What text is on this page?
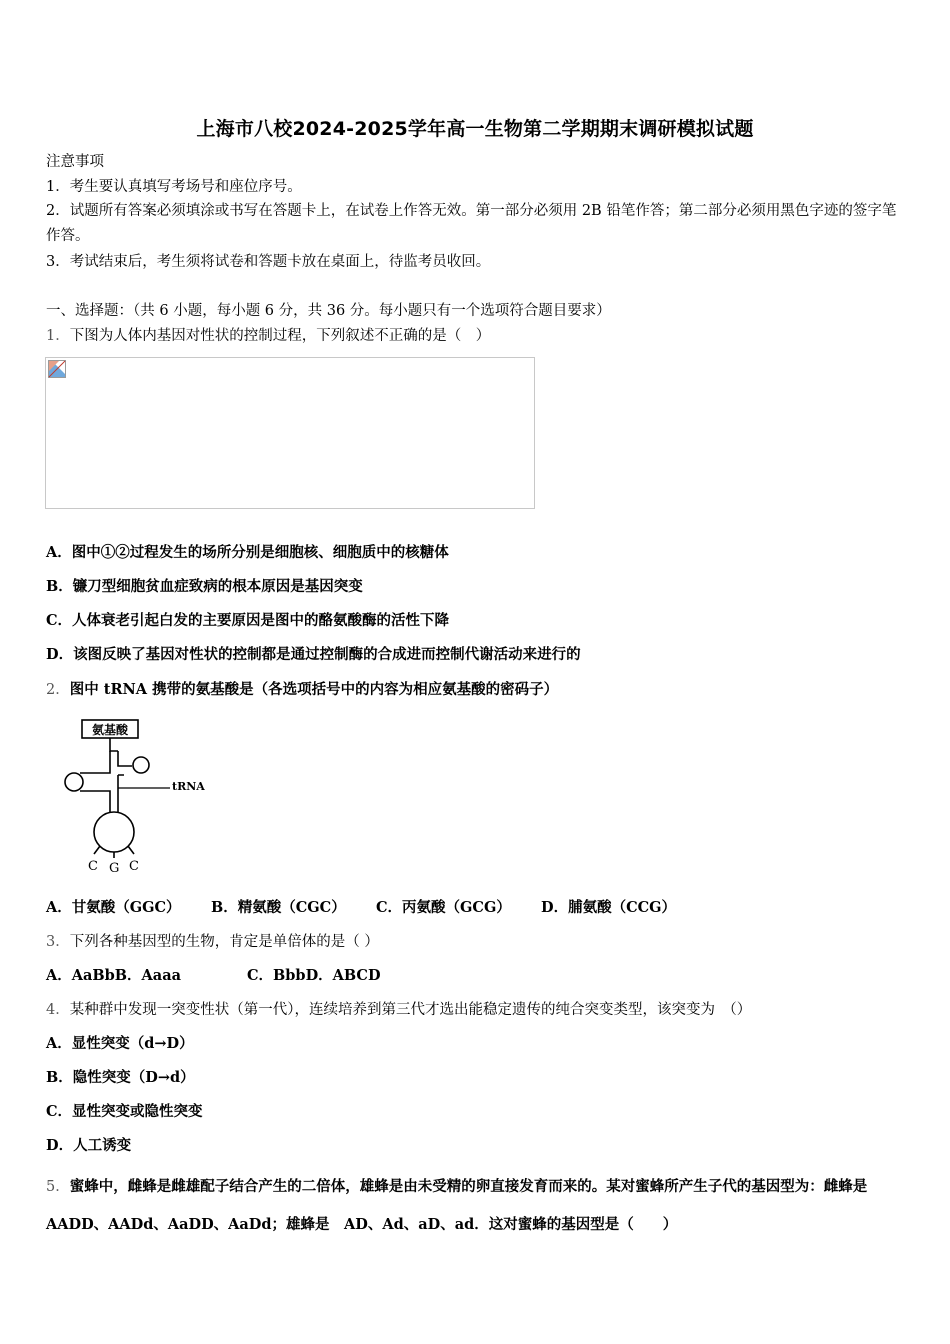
上海市八校2024-2025学年高一生物第二学期期末调研模拟试题
注意事项
1．考生要认真填写考场号和座位序号。
2．试题所有答案必须填涂或书写在答题卡上，在试卷上作答无效。第一部分必须用 2B 铅笔作答；第二部分必须用黑色字迹的签字笔作答。
3．考试结束后，考生须将试卷和答题卡放在桌面上，待监考员收回。
一、选择题：（共 6 小题，每小题 6 分，共 36 分。每小题只有一个选项符合题目要求）
1．下图为人体内基因对性状的控制过程，下列叙述不正确的是（　）
A．图中①②过程发生的场所分别是细胞核、细胞质中的核糖体
B．镰刀型细胞贫血症致病的根本原因是基因突变
C．人体衰老引起白发的主要原因是图中的酪氨酸酶的活性下降
D．该图反映了基因对性状的控制都是通过控制酶的合成进而控制代谢活动来进行的
2．图中 tRNA 携带的氨基酸是（各选项括号中的内容为相应氨基酸的密码子）
氨基酸
tRNA
C G C
A．甘氨酸（GGC） B．精氨酸（CGC） C．丙氨酸（GCG） D．脯氨酸（CCG）
3．下列各种基因型的生物，肯定是单倍体的是（ ）
A．AaBbB．Aaaa	C．BbbD．ABCD
4．某种群中发现一突变性状（第一代），连续培养到第三代才选出能稳定遗传的纯合突变类型，该突变为　（）
A．显性突变（d→D）
B．隐性突变（D→d）
C．显性突变或隐性突变
D．人工诱变
5．蜜蜂中，雌蜂是雌雄配子结合产生的二倍体，雄蜂是由未受精的卵直接发育而来的。某对蜜蜂所产生子代的基因型为：雌蜂是　AADD、AADd、AaDD、AaDd；雄蜂是　AD、Ad、aD、ad．这对蜜蜂的基因型是（　　）
